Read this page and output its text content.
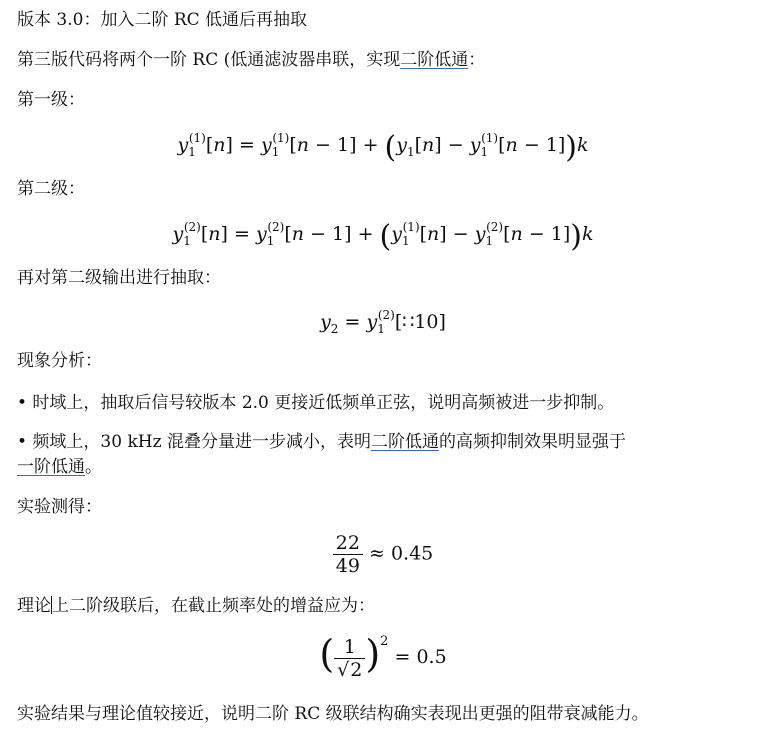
版本 3.0：加入二阶 RC 低通后再抽取
第三版代码将两个一阶 RC (低通滤波器串联，实现二阶低通：
第一级：
$y_1^{(1)}[n] = y_1^{(1)}[n - 1] + (y_1[n] - y_1^{(1)}[n - 1])k$
第二级：
$y_1^{(2)}[n] = y_1^{(2)}[n - 1] + (y_1^{(1)}[n] - y_1^{(2)}[n - 1])k$
再对第二级输出进行抽取：
$y_2$ = $y_1^{(2)}[∷10]$
现象分析：
• 时域上，抽取后信号较版本 2.0 更接近低频单正弦，说明高频被进一步抑制。
• 频域上，30 kHz 混叠分量进一步减小，表明二阶低通的高频抑制效果明显强于
一阶低通。
实验测得：
$\frac{22}{49} \approx 0.45$
理论上二阶级联后，在截止频率处的增益应为：
( $\frac{1}{√2} )^2 = 0.5$
实验结果与理论值较接近，说明二阶 RC 级联结构确实表现出更强的阻带衰减能力。
